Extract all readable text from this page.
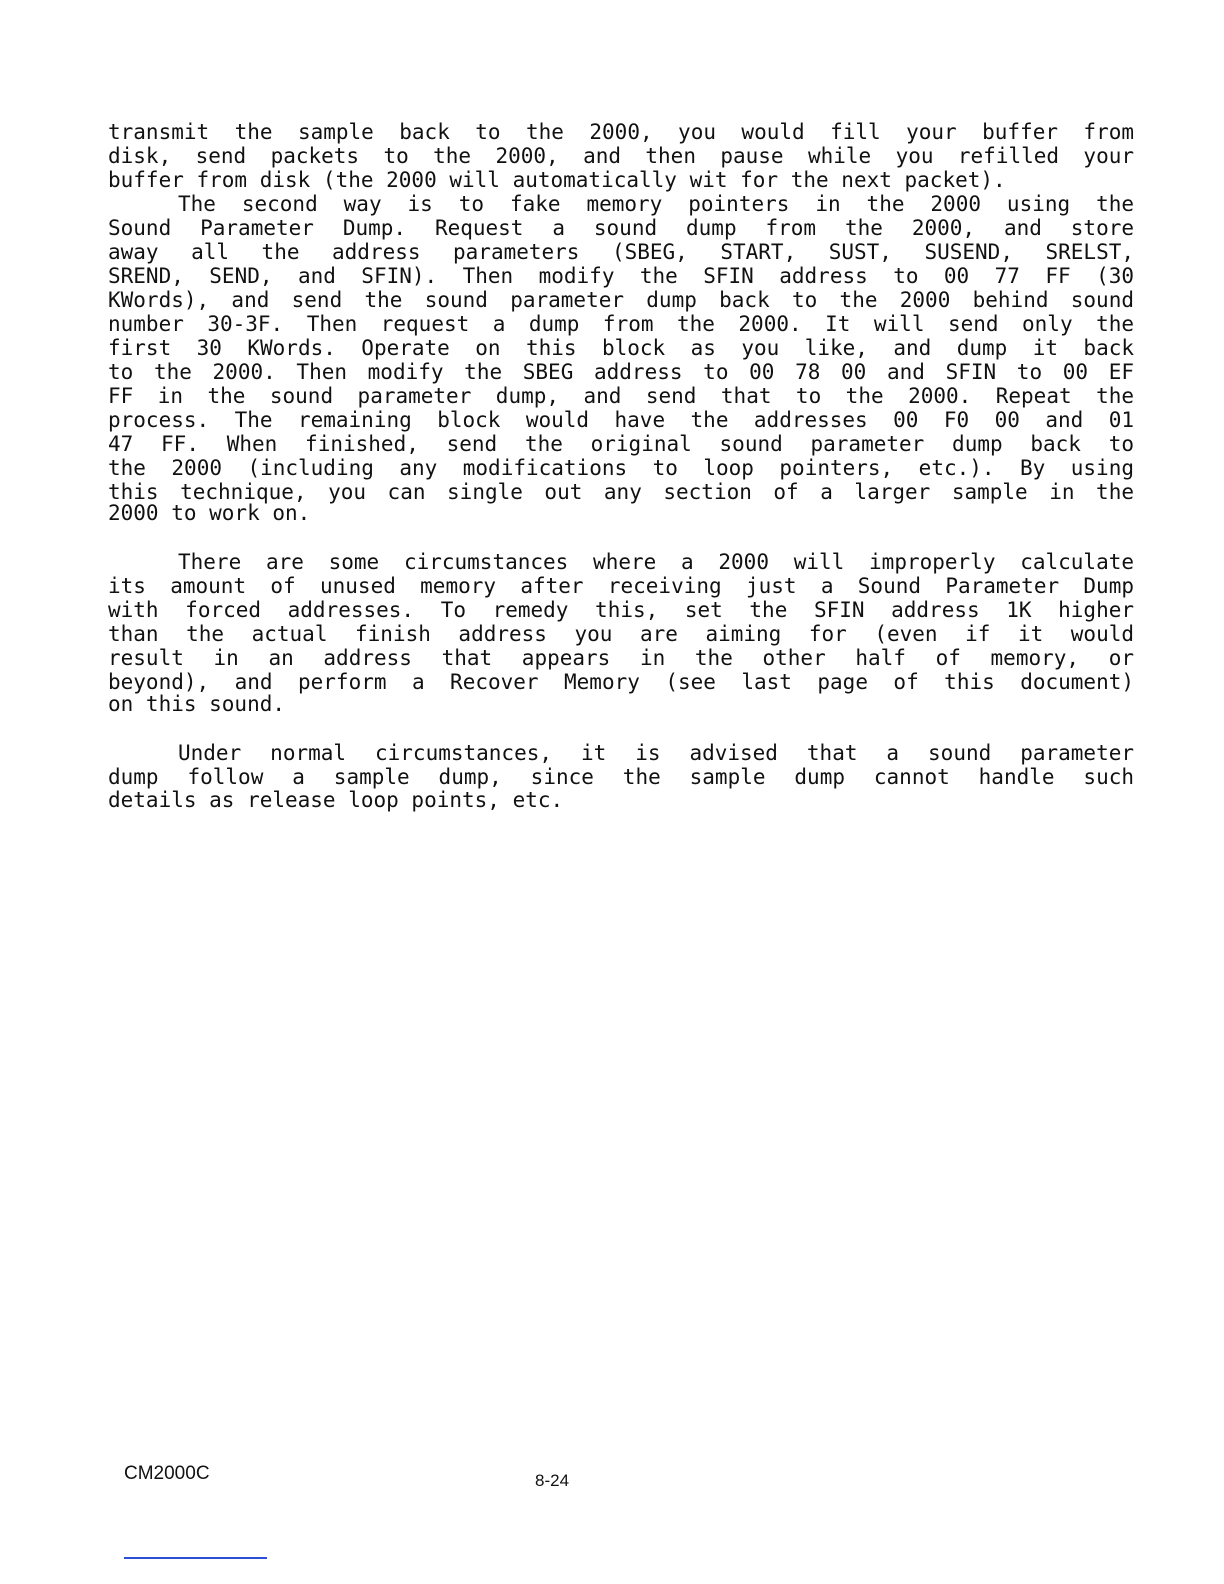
transmit the sample back to the 2000, you would fill your buffer from
disk, send packets to the 2000, and then pause while you refilled your
buffer from disk (the 2000 will automatically wit for the next packet).
The second way is to fake memory pointers in the 2000 using the
Sound Parameter Dump. Request a sound dump from the 2000, and store
away all the address parameters (SBEG, START, SUST, SUSEND, SRELST,
SREND, SEND, and SFIN). Then modify the SFIN address to 00 77 FF (30
KWords), and send the sound parameter dump back to the 2000 behind sound
number 30-3F. Then request a dump from the 2000. It will send only the
first 30 KWords. Operate on this block as you like, and dump it back
to the 2000. Then modify the SBEG address to 00 78 00 and SFIN to 00 EF
FF in the sound parameter dump, and send that to the 2000. Repeat the
process. The remaining block would have the addresses 00 F0 00 and 01
47 FF. When finished, send the original sound parameter dump back to
the 2000 (including any modifications to loop pointers, etc.). By using
this technique, you can single out any section of a larger sample in the
2000 to work on.
There are some circumstances where a 2000 will improperly calculate
its amount of unused memory after receiving just a Sound Parameter Dump
with forced addresses. To remedy this, set the SFIN address 1K higher
than the actual finish address you are aiming for (even if it would
result in an address that appears in the other half of memory, or
beyond), and perform a Recover Memory (see last page of this document)
on this sound.
Under normal circumstances, it is advised that a sound parameter
dump follow a sample dump, since the sample dump cannot handle such
details as release loop points, etc.
CM2000C	8-24
